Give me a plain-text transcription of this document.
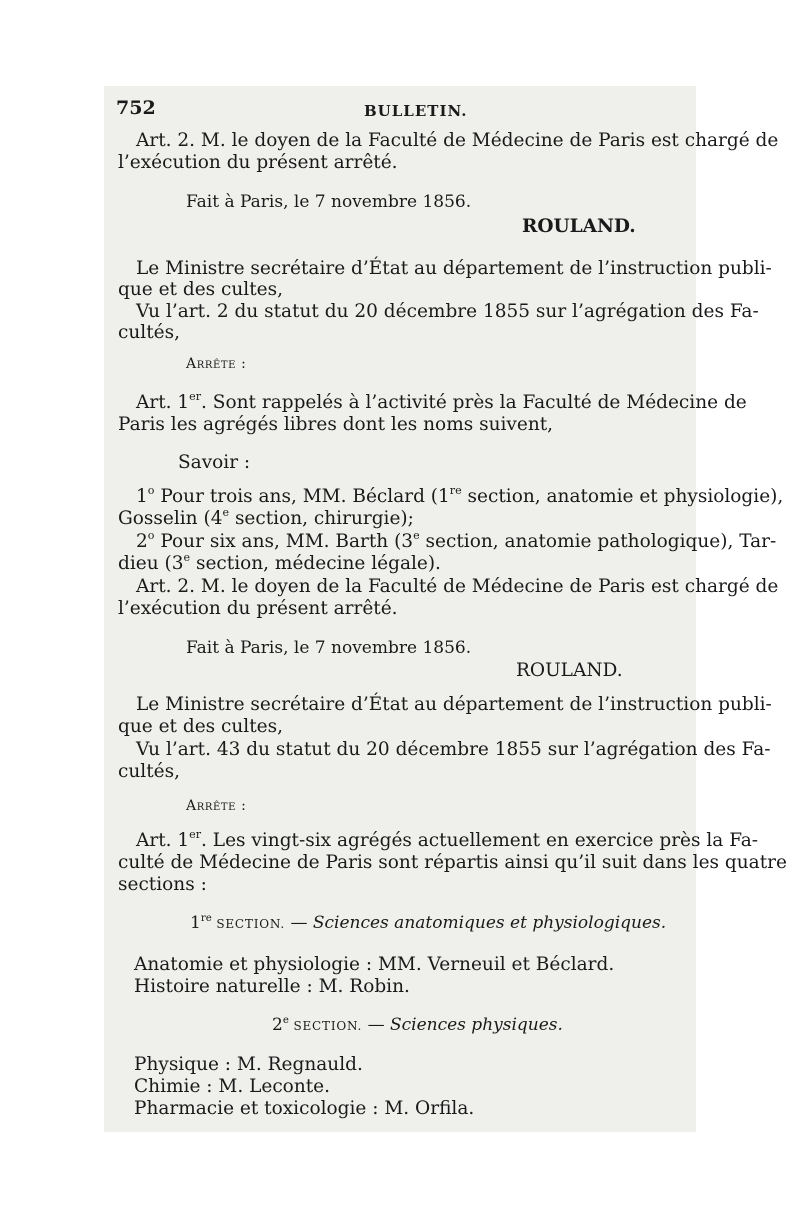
752	BULLETIN.
Art. 2. M. le doyen de la Faculté de Médecine de Paris est chargé de
l’exécution du présent arrêté.
Fait à Paris, le 7 novembre 1856.
ROULAND.
Le Ministre secrétaire d’État au département de l’instruction publi-
que et des cultes,
Vu l’art. 2 du statut du 20 décembre 1855 sur l’agrégation des Fa-
cultés,
Arrête :
Art. 1er. Sont rappelés à l’activité près la Faculté de Médecine de
Paris les agrégés libres dont les noms suivent,
Savoir :
1$^o$ Pour trois ans, MM. Béclard (1re section, anatomie et physiologie),
Gosselin (4e section, chirurgie);
2$^o$ Pour six ans, MM. Barth (3e section, anatomie pathologique), Tar-
dieu (3e section, médecine légale).
Art. 2. M. le doyen de la Faculté de Médecine de Paris est chargé de
l’exécution du présent arrêté.
Fait à Paris, le 7 novembre 1856.
ROULAND.
Le Ministre secrétaire d’État au département de l’instruction publi-
que et des cultes,
Vu l’art. 43 du statut du 20 décembre 1855 sur l’agrégation des Fa-
cultés,
Arrête :
Art. 1er. Les vingt-six agrégés actuellement en exercice près la Fa-
culté de Médecine de Paris sont répartis ainsi qu’il suit dans les quatre
sections :
1re SECTION. — Sciences anatomiques et physiologiques.
Anatomie et physiologie : MM. Verneuil et Béclard.
Histoire naturelle : M. Robin.
2e SECTION. — Sciences physiques.
Physique : M. Regnauld.
Chimie : M. Leconte.
Pharmacie et toxicologie : M. Orfila.
